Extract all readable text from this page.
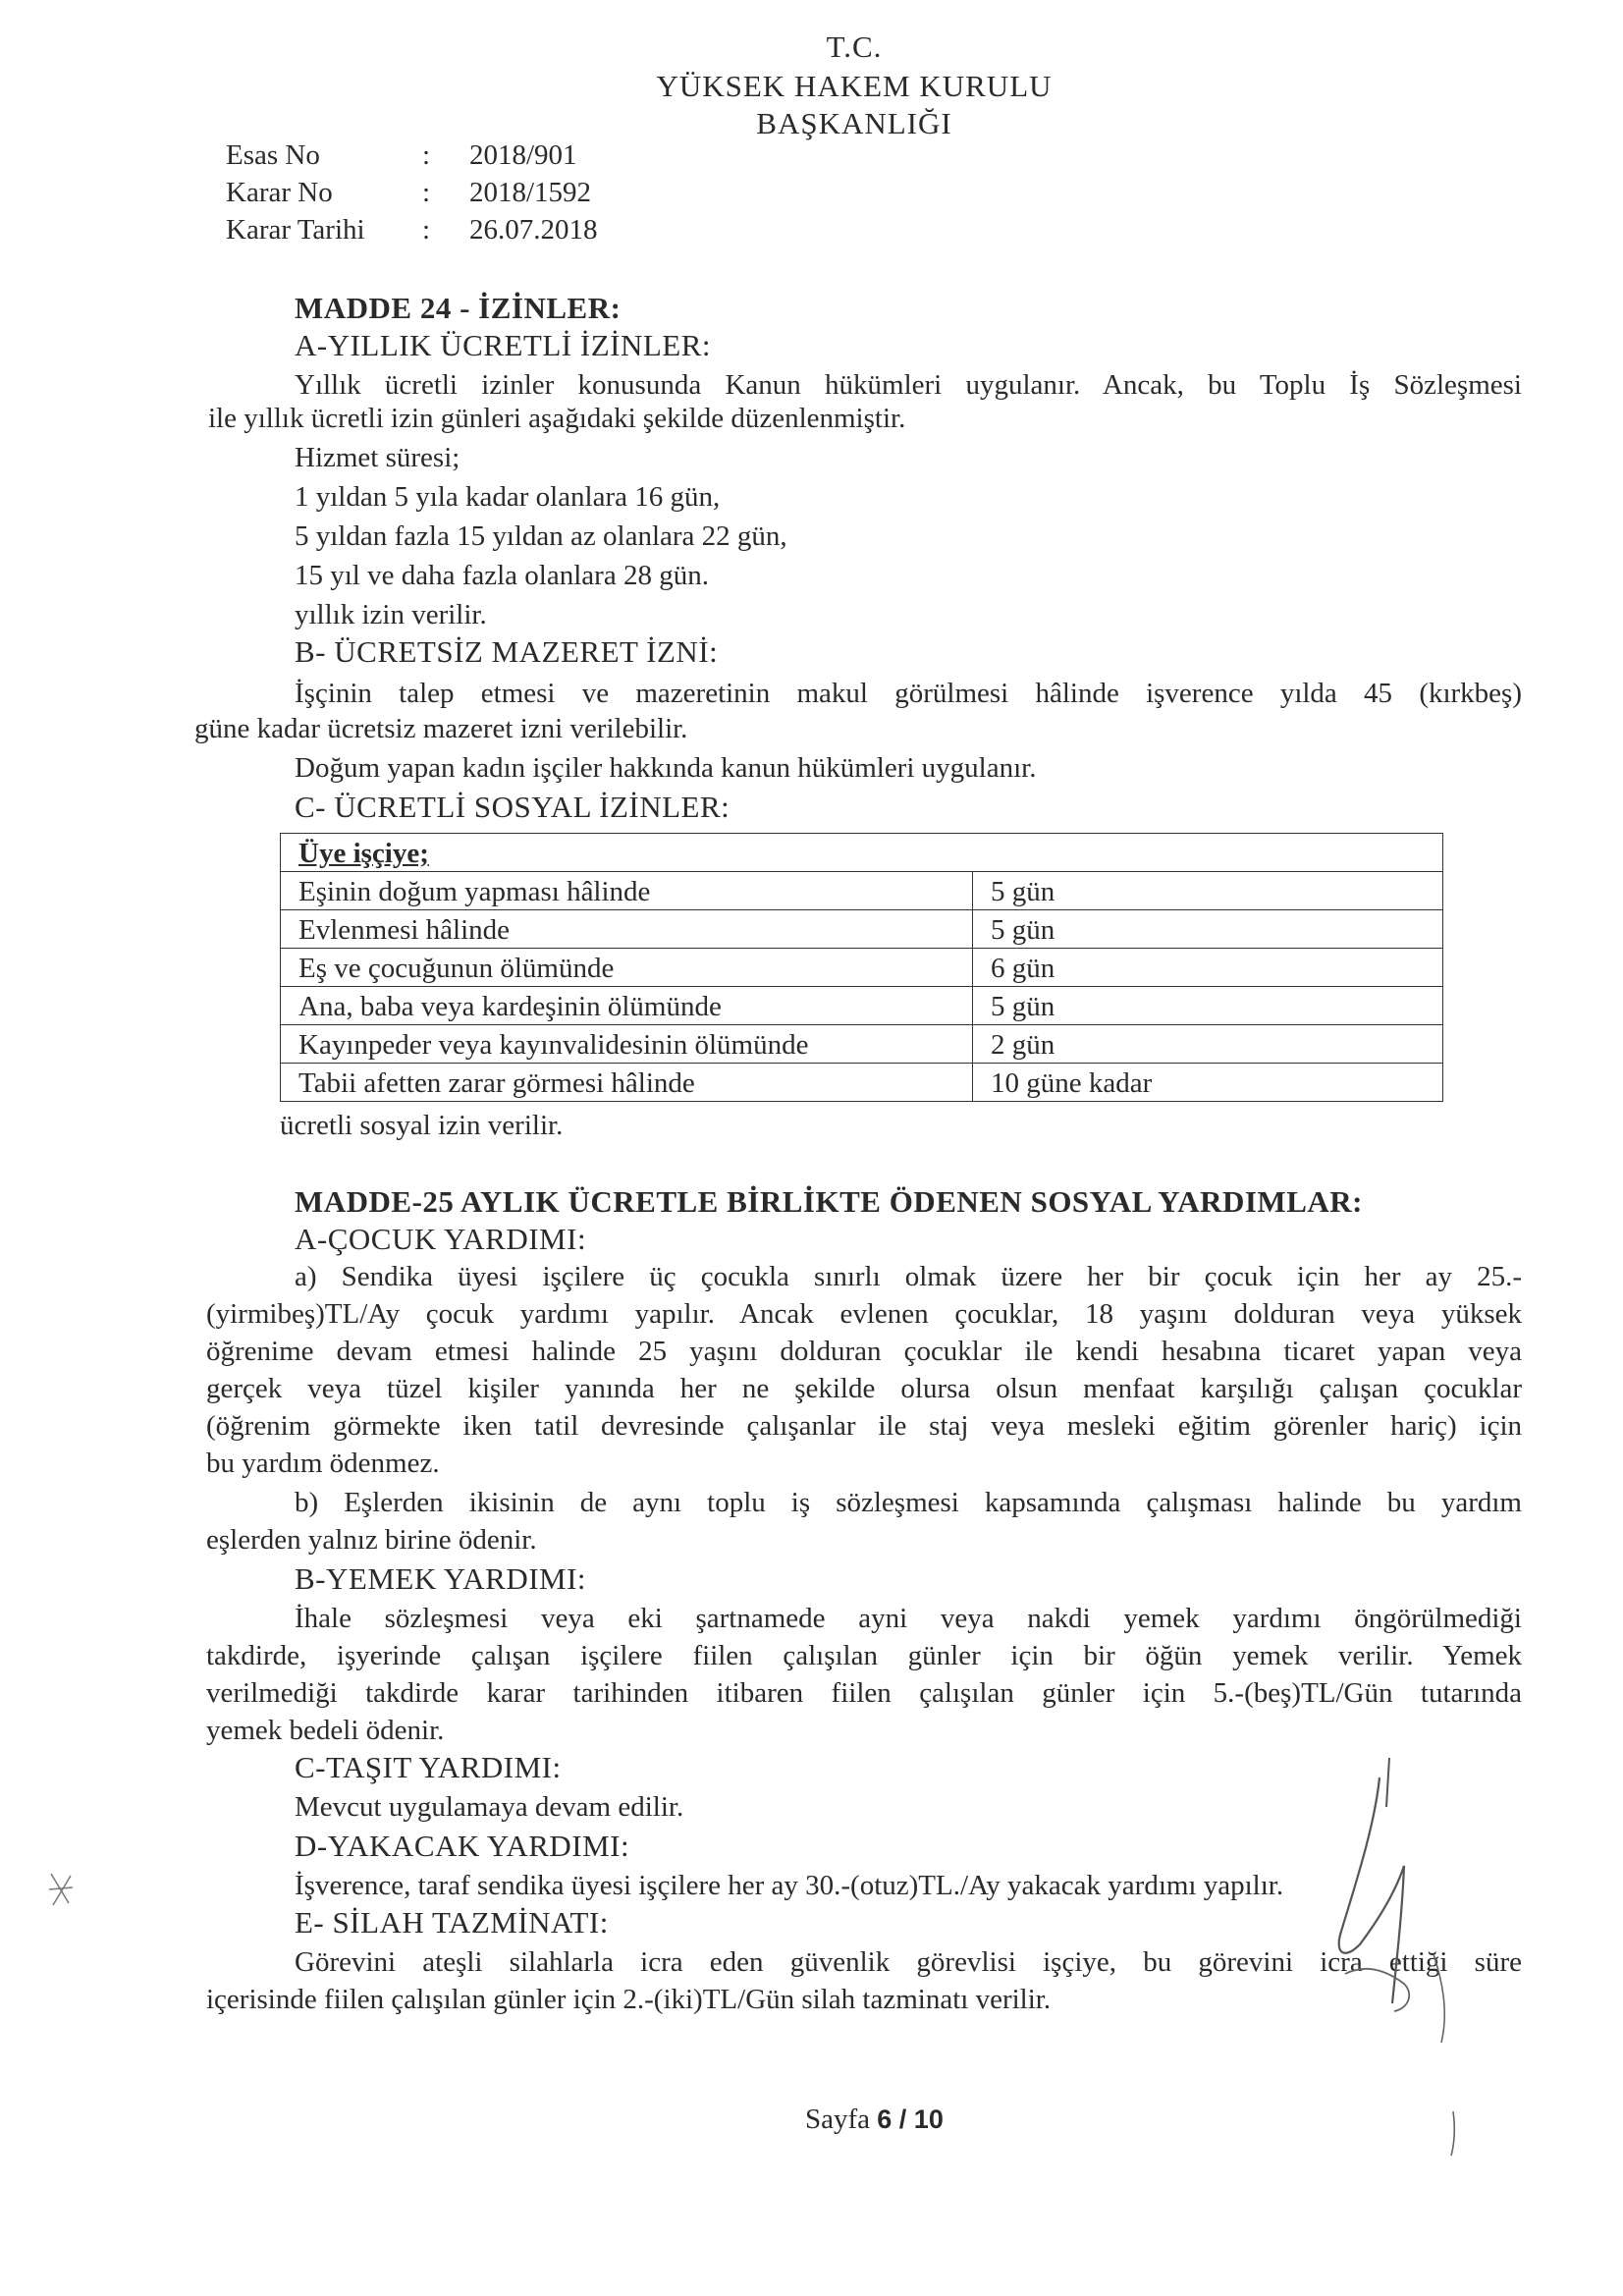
T.C.
YÜKSEK HAKEM KURULU
BAŞKANLIĞI
Esas No	: 2018/901
Karar No	: 2018/1592
Karar Tarihi : 26.07.2018
MADDE 24 - İZİNLER:
A-YILLIK ÜCRETLİ İZİNLER:
Yıllık ücretli izinler konusunda Kanun hükümleri uygulanır. Ancak, bu Toplu İş Sözleşmesi
ile yıllık ücretli izin günleri aşağıdaki şekilde düzenlenmiştir.
Hizmet süresi;
1 yıldan 5 yıla kadar olanlara 16 gün,
5 yıldan fazla 15 yıldan az olanlara 22 gün,
15 yıl ve daha fazla olanlara 28 gün.
yıllık izin verilir.
B- ÜCRETSİZ MAZERET İZNİ:
İşçinin talep etmesi ve mazeretinin makul görülmesi hâlinde işverence yılda 45 (kırkbeş)
güne kadar ücretsiz mazeret izni verilebilir.
Doğum yapan kadın işçiler hakkında kanun hükümleri uygulanır.
C- ÜCRETLİ SOSYAL İZİNLER:
Üye işçiye;	
Eşinin doğum yapması hâlinde	5 gün
Evlenmesi hâlinde	5 gün
Eş ve çocuğunun ölümünde	6 gün
Ana, baba veya kardeşinin ölümünde	5 gün
Kayınpeder veya kayınvalidesinin ölümünde	2 gün
Tabii afetten zarar görmesi hâlinde	10 güne kadar
ücretli sosyal izin verilir.
MADDE-25 AYLIK ÜCRETLE BİRLİKTE ÖDENEN SOSYAL YARDIMLAR:
A-ÇOCUK YARDIMI:
a) Sendika üyesi işçilere üç çocukla sınırlı olmak üzere her bir çocuk için her ay 25.-
(yirmibeş)TL/Ay çocuk yardımı yapılır. Ancak evlenen çocuklar, 18 yaşını dolduran veya yüksek
öğrenime devam etmesi halinde 25 yaşını dolduran çocuklar ile kendi hesabına ticaret yapan veya
gerçek veya tüzel kişiler yanında her ne şekilde olursa olsun menfaat karşılığı çalışan çocuklar
(öğrenim görmekte iken tatil devresinde çalışanlar ile staj veya mesleki eğitim görenler hariç) için
bu yardım ödenmez.
b) Eşlerden ikisinin de aynı toplu iş sözleşmesi kapsamında çalışması halinde bu yardım
eşlerden yalnız birine ödenir.
B-YEMEK YARDIMI:
İhale sözleşmesi veya eki şartnamede ayni veya nakdi yemek yardımı öngörülmediği
takdirde, işyerinde çalışan işçilere fiilen çalışılan günler için bir öğün yemek verilir. Yemek
verilmediği takdirde karar tarihinden itibaren fiilen çalışılan günler için 5.-(beş)TL/Gün tutarında
yemek bedeli ödenir.
C-TAŞIT YARDIMI:
Mevcut uygulamaya devam edilir.
D-YAKACAK YARDIMI:
İşverence, taraf sendika üyesi işçilere her ay 30.-(otuz)TL./Ay yakacak yardımı yapılır.
E- SİLAH TAZMİNATI:
Görevini ateşli silahlarla icra eden güvenlik görevlisi işçiye, bu görevini icra ettiği süre
içerisinde fiilen çalışılan günler için 2.-(iki)TL/Gün silah tazminatı verilir.
Sayfa 6 / 10
